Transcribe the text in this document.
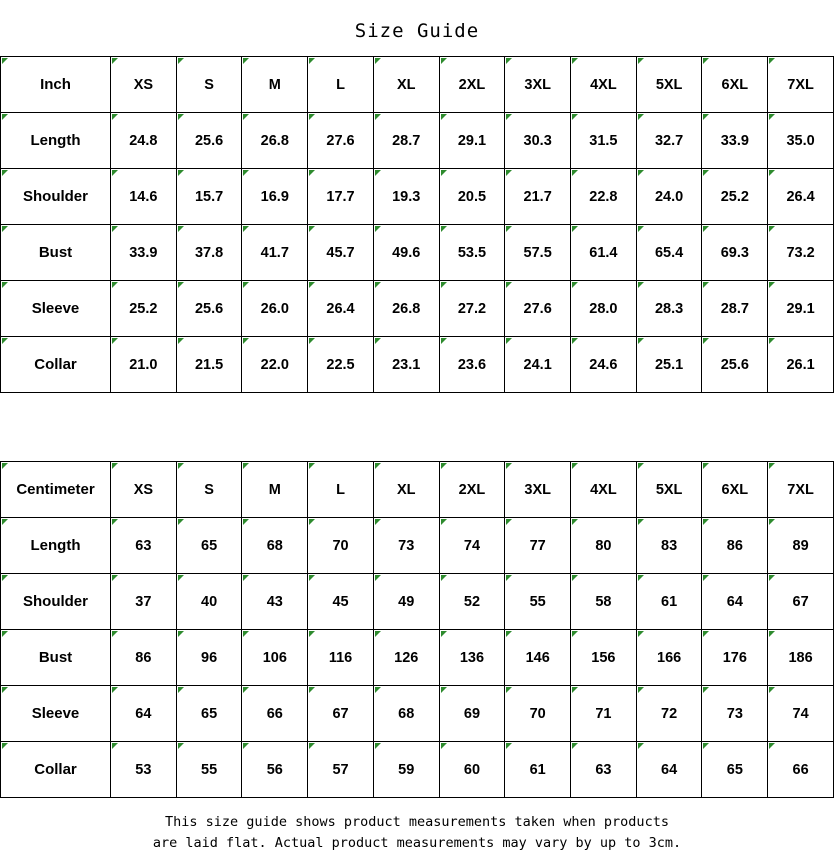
Size Guide
Inch	XS	S	M	L	XL	2XL	3XL	4XL	5XL	6XL	7XL
Length	24.8	25.6	26.8	27.6	28.7	29.1	30.3	31.5	32.7	33.9	35.0
Shoulder	14.6	15.7	16.9	17.7	19.3	20.5	21.7	22.8	24.0	25.2	26.4
Bust	33.9	37.8	41.7	45.7	49.6	53.5	57.5	61.4	65.4	69.3	73.2
Sleeve	25.2	25.6	26.0	26.4	26.8	27.2	27.6	28.0	28.3	28.7	29.1
Collar	21.0	21.5	22.0	22.5	23.1	23.6	24.1	24.6	25.1	25.6	26.1
Centimeter	XS	S	M	L	XL	2XL	3XL	4XL	5XL	6XL	7XL
Length	63	65	68	70	73	74	77	80	83	86	89
Shoulder	37	40	43	45	49	52	55	58	61	64	67
Bust	86	96	106	116	126	136	146	156	166	176	186
Sleeve	64	65	66	67	68	69	70	71	72	73	74
Collar	53	55	56	57	59	60	61	63	64	65	66
This size guide shows product measurements taken when products
are laid flat. Actual product measurements may vary by up to 3cm.
